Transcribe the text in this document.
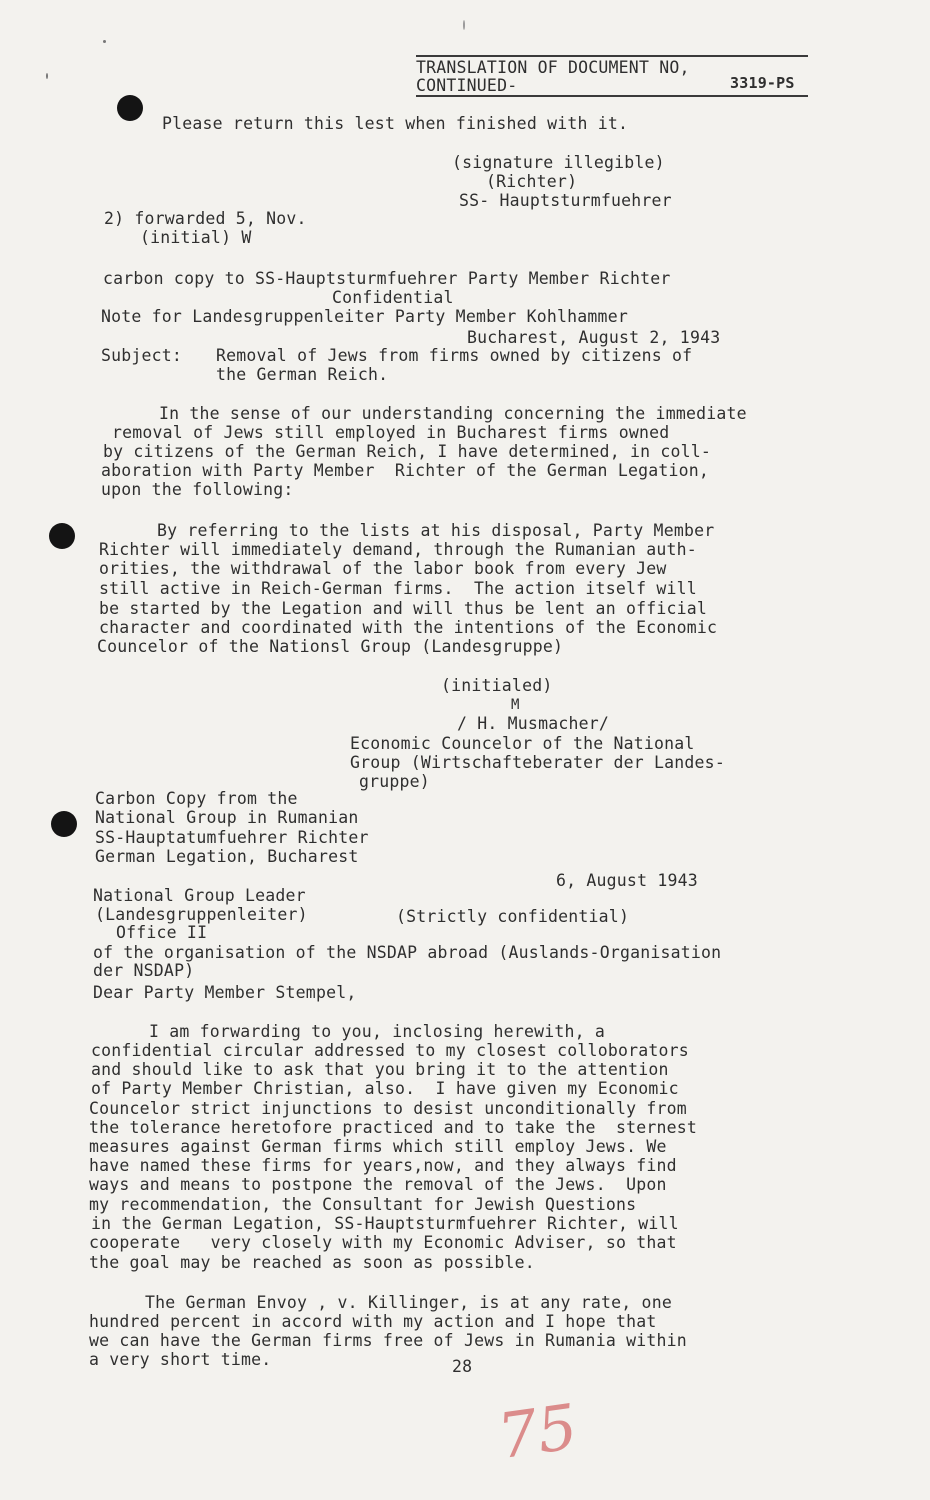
TRANSLATION OF DOCUMENT NO,
CONTINUED-	3319-PS
Please return this lest when finished with it.
(signature illegible)
(Richter)
SS- Hauptsturmfuehrer
2) forwarded 5, Nov.
(initial) W
carbon copy to SS-Hauptsturmfuehrer Party Member Richter
Confidential
Note for Landesgruppenleiter Party Member Kohlhammer
Bucharest, August 2, 1943
Subject: Removal of Jews from firms owned by citizens of
the German Reich.
In the sense of our understanding concerning the immediate
removal of Jews still employed in Bucharest firms owned
by citizens of the German Reich, I have determined, in coll-
aboration with Party Member  Richter of the German Legation,
upon the following:
By referring to the lists at his disposal, Party Member
Richter will immediately demand, through the Rumanian auth-
orities, the withdrawal of the labor book from every Jew
still active in Reich-German firms.  The action itself will
be started by the Legation and will thus be lent an official
character and coordinated with the intentions of the Economic
Councelor of the Nationsl Group (Landesgruppe)
(initialed)
M
/ H. Musmacher/
Economic Councelor of the National
Group (Wirtschafteberater der Landes-
gruppe)
Carbon Copy from the
National Group in Rumanian
SS-Hauptatumfuehrer Richter
German Legation, Bucharest
6, August 1943
National Group Leader
(Landesgruppenleiter)	(Strictly confidential)
Office II
of the organisation of the NSDAP abroad (Auslands-Organisation
der NSDAP)
Dear Party Member Stempel,
I am forwarding to you, inclosing herewith, a
confidential circular addressed to my closest colloborators
and should like to ask that you bring it to the attention
of Party Member Christian, also.  I have given my Economic
Councelor strict injunctions to desist unconditionally from
the tolerance heretofore practiced and to take the  sternest
measures against German firms which still employ Jews. We
have named these firms for years,now, and they always find
ways and means to postpone the removal of the Jews.  Upon
my recommendation, the Consultant for Jewish Questions
in the German Legation, SS-Hauptsturmfuehrer Richter, will
cooperate   very closely with my Economic Adviser, so that
the goal may be reached as soon as possible.
The German Envoy , v. Killinger, is at any rate, one
hundred percent in accord with my action and I hope that
we can have the German firms free of Jews in Rumania within
a very short time.	28
75
